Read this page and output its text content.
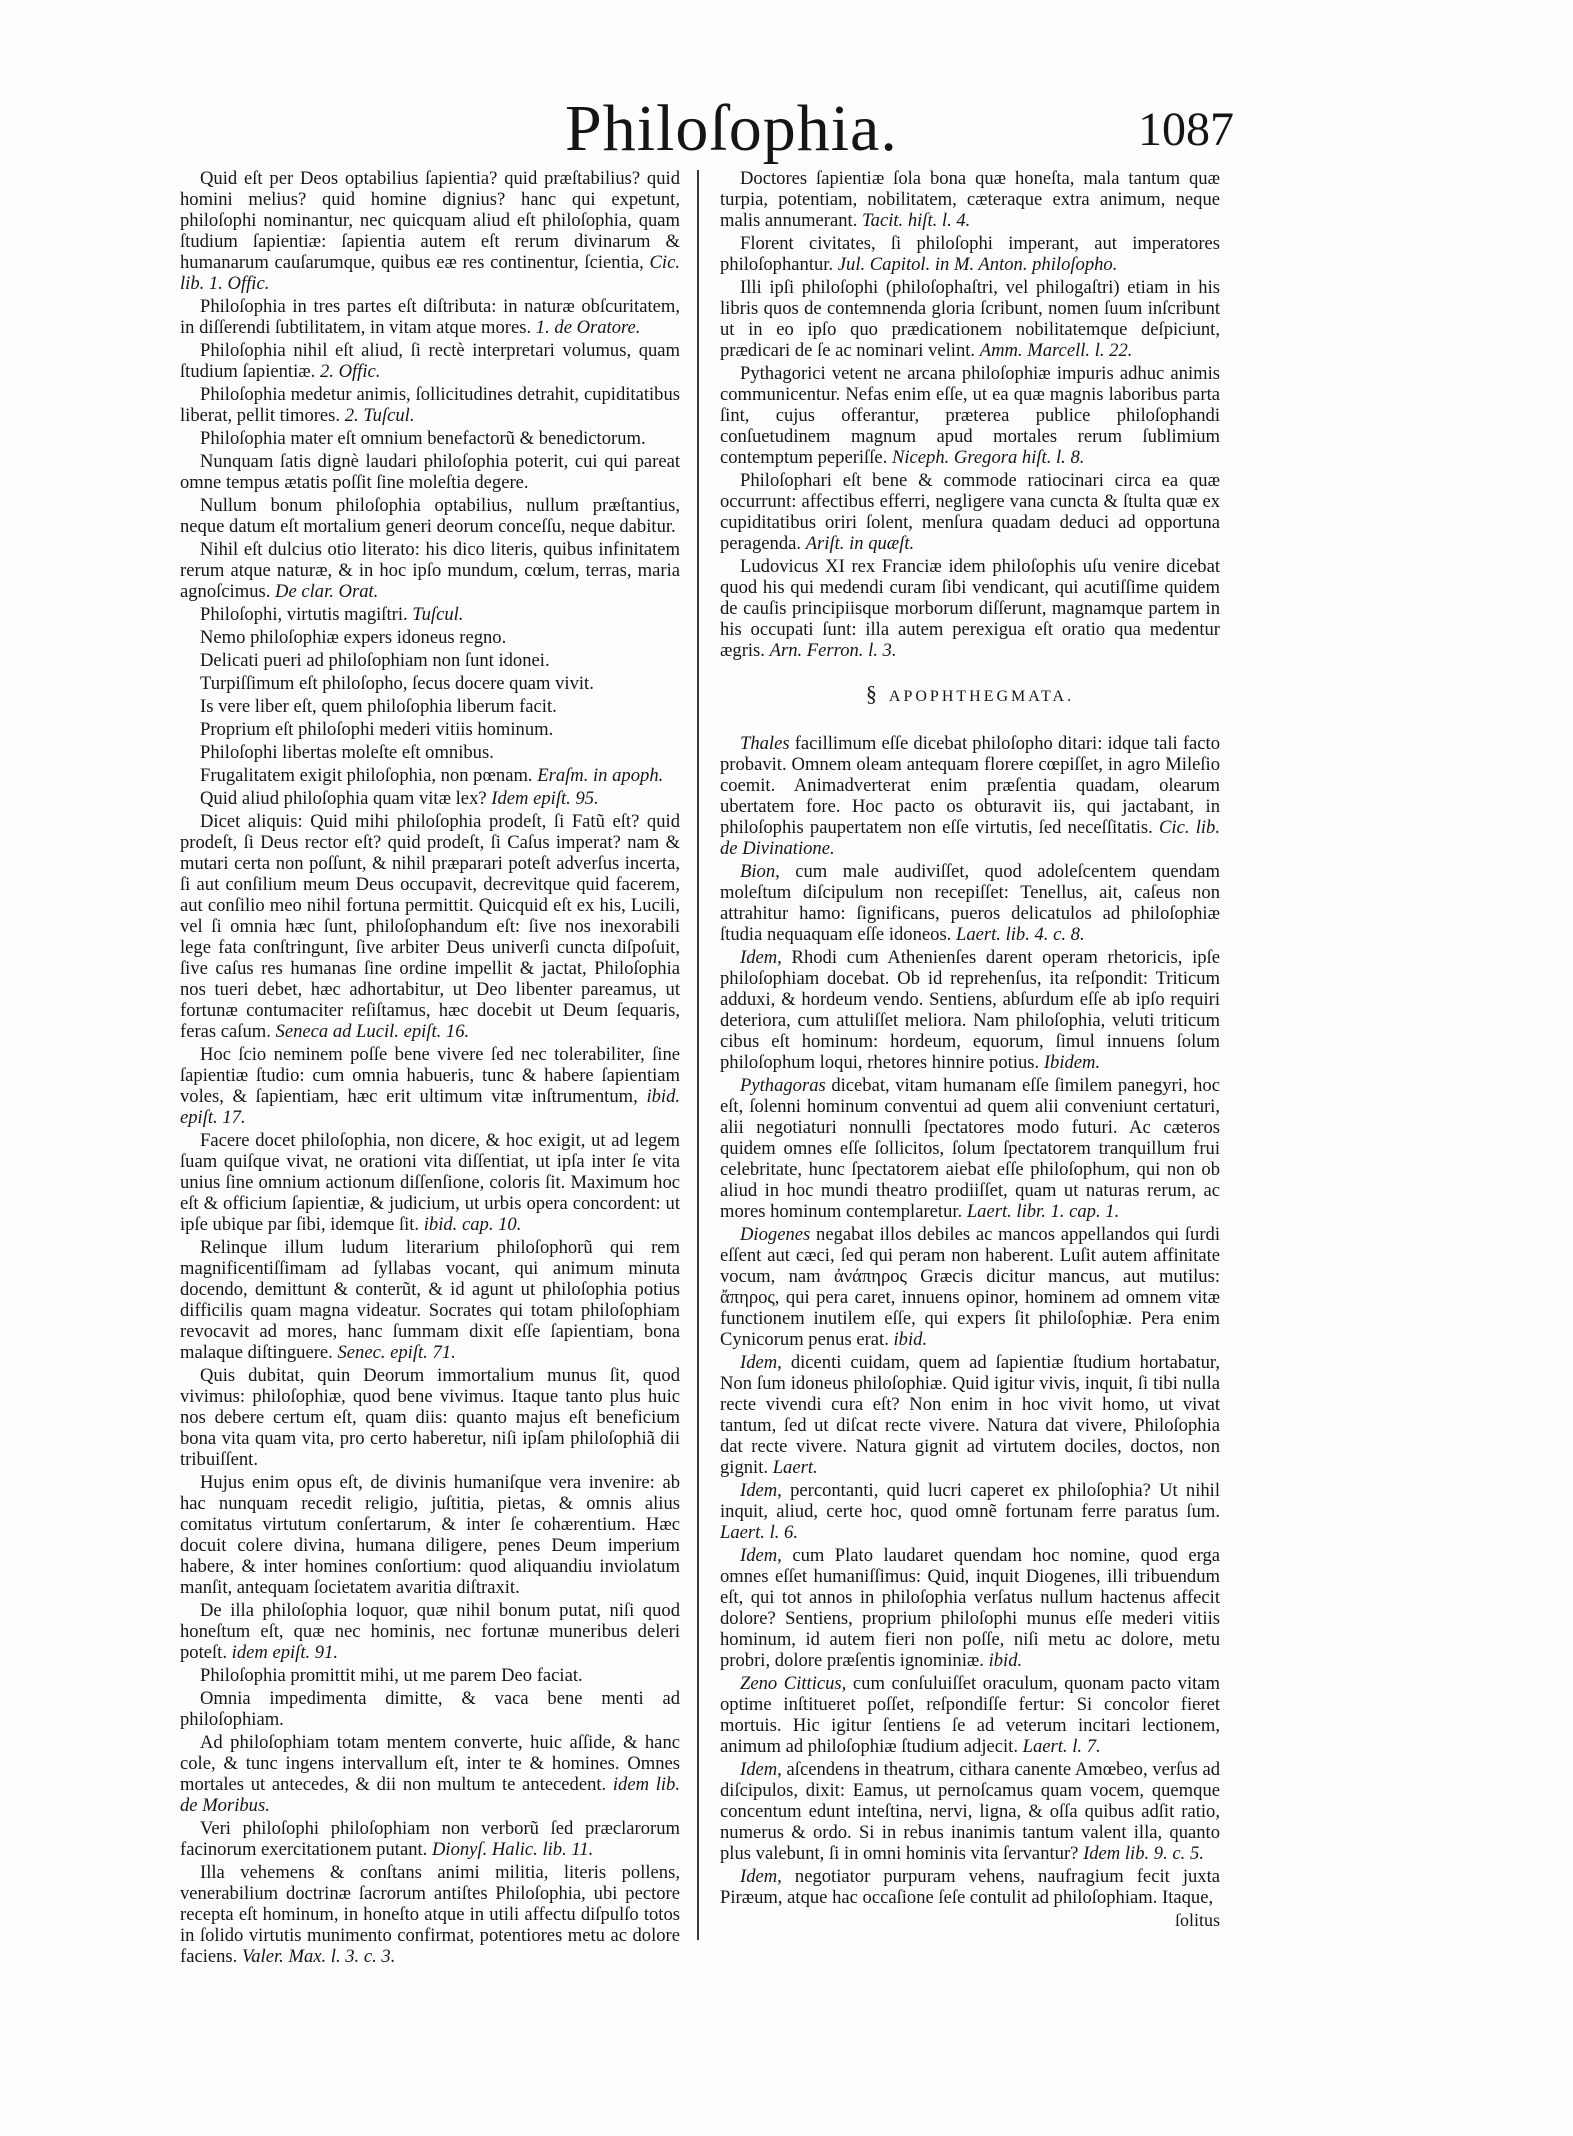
Philoſophia.	1087

Quid eſt per Deos optabilius ſapientia? quid præſtabilius? quid homini melius? quid homine dignius? hanc qui expetunt, philoſophi nominantur, nec quicquam aliud eſt philoſophia, quam ſtudium ſapientiæ: ſapientia autem eſt rerum divinarum & humanarum cauſarumque, quibus eæ res continentur, ſcientia, Cic. lib. 1. Offic.

Philoſophia in tres partes eſt diſtributa: in naturæ obſcuritatem, in diſſerendi ſubtilitatem, in vitam atque mores. 1. de Oratore.

Philoſophia nihil eſt aliud, ſi rectè interpretari volumus, quam ſtudium ſapientiæ. 2. Offic.

Philoſophia medetur animis, ſollicitudines detrahit, cupiditatibus liberat, pellit timores. 2. Tuſcul.

Philoſophia mater eſt omnium benefactorũ & benedictorum.

Nunquam ſatis dignè laudari philoſophia poterit, cui qui pareat omne tempus ætatis poſſit ſine moleſtia degere.

Nullum bonum philoſophia optabilius, nullum præſtantius, neque datum eſt mortalium generi deorum conceſſu, neque dabitur.

Nihil eſt dulcius otio literato: his dico literis, quibus infinitatem rerum atque naturæ, & in hoc ipſo mundum, cœlum, terras, maria agnoſcimus. De clar. Orat.

Philoſophi, virtutis magiſtri. Tuſcul.

Nemo philoſophiæ expers idoneus regno.

Delicati pueri ad philoſophiam non ſunt idonei.

Turpiſſimum eſt philoſopho, ſecus docere quam vivit.

Is vere liber eſt, quem philoſophia liberum facit.

Proprium eſt philoſophi mederi vitiis hominum.

Philoſophi libertas moleſte eſt omnibus.

Frugalitatem exigit philoſophia, non pœnam. Eraſm. in apoph.

Quid aliud philoſophia quam vitæ lex? Idem epiſt. 95.

Dicet aliquis: Quid mihi philoſophia prodeſt, ſi Fatũ eſt? quid prodeſt, ſi Deus rector eſt? quid prodeſt, ſi Caſus imperat? nam & mutari certa non poſſunt, & nihil præparari poteſt adverſus incerta, ſi aut conſilium meum Deus occupavit, decrevitque quid facerem, aut conſilio meo nihil fortuna permittit. Quicquid eſt ex his, Lucili, vel ſi omnia hæc ſunt, philoſophandum eſt: ſive nos inexorabili lege fata conſtringunt, ſive arbiter Deus univerſi cuncta diſpoſuit, ſive caſus res humanas ſine ordine impellit & jactat, Philoſophia nos tueri debet, hæc adhortabitur, ut Deo libenter pareamus, ut fortunæ contumaciter reſiſtamus, hæc docebit ut Deum ſequaris, feras caſum. Seneca ad Lucil. epiſt. 16.

Hoc ſcio neminem poſſe bene vivere ſed nec tolerabiliter, ſine ſapientiæ ſtudio: cum omnia habueris, tunc & habere ſapientiam voles, & ſapientiam, hæc erit ultimum vitæ inſtrumentum, ibid. epiſt. 17.

Facere docet philoſophia, non dicere, & hoc exigit, ut ad legem ſuam quiſque vivat, ne orationi vita diſſentiat, ut ipſa inter ſe vita unius ſine omnium actionum diſſenſione, coloris ſit. Maximum hoc eſt & officium ſapientiæ, & judicium, ut urbis opera concordent: ut ipſe ubique par ſibi, idemque ſit. ibid. cap. 10.

Relinque illum ludum literarium philoſophorũ qui rem magnificentiſſimam ad ſyllabas vocant, qui animum minuta docendo, demittunt & conterũt, & id agunt ut philoſophia potius difficilis quam magna videatur. Socrates qui totam philoſophiam revocavit ad mores, hanc ſummam dixit eſſe ſapientiam, bona malaque diſtinguere. Senec. epiſt. 71.

Quis dubitat, quin Deorum immortalium munus ſit, quod vivimus: philoſophiæ, quod bene vivimus. Itaque tanto plus huic nos debere certum eſt, quam diis: quanto majus eſt beneficium bona vita quam vita, pro certo haberetur, niſi ipſam philoſophiã dii tribuiſſent.

Hujus enim opus eſt, de divinis humaniſque vera invenire: ab hac nunquam recedit religio, juſtitia, pietas, & omnis alius comitatus virtutum conſertarum, & inter ſe cohærentium. Hæc docuit colere divina, humana diligere, penes Deum imperium habere, & inter homines conſortium: quod aliquandiu inviolatum manſit, antequam ſocietatem avaritia diſtraxit.

De illa philoſophia loquor, quæ nihil bonum putat, niſi quod honeſtum eſt, quæ nec hominis, nec fortunæ muneribus deleri poteſt. idem epiſt. 91.

Philoſophia promittit mihi, ut me parem Deo faciat.

Omnia impedimenta dimitte, & vaca bene menti ad philoſophiam.

Ad philoſophiam totam mentem converte, huic aſſide, & hanc cole, & tunc ingens intervallum eſt, inter te & homines. Omnes mortales ut antecedes, & dii non multum te antecedent. idem lib. de Moribus.

Veri philoſophi philoſophiam non verborũ ſed præclarorum facinorum exercitationem putant. Dionyſ. Halic. lib. 11.

Illa vehemens & conſtans animi militia, literis pollens, venerabilium doctrinæ ſacrorum antiſtes Philoſophia, ubi pectore recepta eſt hominum, in honeſto atque in utili affectu diſpulſo totos in ſolido virtutis munimento confirmat, potentiores metu ac dolore faciens. Valer. Max. l. 3. c. 3.

Doctores ſapientiæ ſola bona quæ honeſta, mala tantum quæ turpia, potentiam, nobilitatem, cæteraque extra animum, neque malis annumerant. Tacit. hiſt. l. 4.

Florent civitates, ſi philoſophi imperant, aut imperatores philoſophantur. Jul. Capitol. in M. Anton. philoſopho.

Illi ipſi philoſophi (philoſophaſtri, vel philogaſtri) etiam in his libris quos de contemnenda gloria ſcribunt, nomen ſuum inſcribunt ut in eo ipſo quo prædicationem nobilitatemque deſpiciunt, prædicari de ſe ac nominari velint. Amm. Marcell. l. 22.

Pythagorici vetent ne arcana philoſophiæ impuris adhuc animis communicentur. Nefas enim eſſe, ut ea quæ magnis laboribus parta ſint, cujus offerantur, præterea publice philoſophandi conſuetudinem magnum apud mortales rerum ſublimium contemptum peperiſſe. Niceph. Gregora hiſt. l. 8.

Philoſophari eſt bene & commode ratiocinari circa ea quæ occurrunt: affectibus efferri, negligere vana cuncta & ſtulta quæ ex cupiditatibus oriri ſolent, menſura quadam deduci ad opportuna peragenda. Ariſt. in quæſt.

Ludovicus XI rex Franciæ idem philoſophis uſu venire dicebat quod his qui medendi curam ſibi vendicant, qui acutiſſime quidem de cauſis principiisque morborum diſſerunt, magnamque partem in his occupati ſunt: illa autem perexigua eſt oratio qua medentur ægris. Arn. Ferron. l. 3.

§ APOPHTHEGMATA.

Thales facillimum eſſe dicebat philoſopho ditari: idque tali facto probavit. Omnem oleam antequam florere cœpiſſet, in agro Mileſio coemit. Animadverterat enim præſentia quadam, olearum ubertatem fore. Hoc pacto os obturavit iis, qui jactabant, in philoſophis paupertatem non eſſe virtutis, ſed neceſſitatis. Cic. lib. de Divinatione.

Bion, cum male audiviſſet, quod adoleſcentem quendam moleſtum diſcipulum non recepiſſet: Tenellus, ait, caſeus non attrahitur hamo: ſignificans, pueros delicatulos ad philoſophiæ ſtudia nequaquam eſſe idoneos. Laert. lib. 4. c. 8.

Idem, Rhodi cum Athenienſes darent operam rhetoricis, ipſe philoſophiam docebat. Ob id reprehenſus, ita reſpondit: Triticum adduxi, & hordeum vendo. Sentiens, abſurdum eſſe ab ipſo requiri deteriora, cum attuliſſet meliora. Nam philoſophia, veluti triticum cibus eſt hominum: hordeum, equorum, ſimul innuens ſolum philoſophum loqui, rhetores hinnire potius. Ibidem.

Pythagoras dicebat, vitam humanam eſſe ſimilem panegyri, hoc eſt, ſolenni hominum conventui ad quem alii conveniunt certaturi, alii negotiaturi nonnulli ſpectatores modo futuri. Ac cæteros quidem omnes eſſe ſollicitos, ſolum ſpectatorem tranquillum frui celebritate, hunc ſpectatorem aiebat eſſe philoſophum, qui non ob aliud in hoc mundi theatro prodiiſſet, quam ut naturas rerum, ac mores hominum contemplaretur. Laert. libr. 1. cap. 1.

Diogenes negabat illos debiles ac mancos appellandos qui ſurdi eſſent aut cæci, ſed qui peram non haberent. Luſit autem affinitate vocum, nam ἀνάπηρος Græcis dicitur mancus, aut mutilus: ἄπηρος, qui pera caret, innuens opinor, hominem ad omnem vitæ functionem inutilem eſſe, qui expers ſit philoſophiæ. Pera enim Cynicorum penus erat. ibid.

Idem, dicenti cuidam, quem ad ſapientiæ ſtudium hortabatur, Non ſum idoneus philoſophiæ. Quid igitur vivis, inquit, ſi tibi nulla recte vivendi cura eſt? Non enim in hoc vivit homo, ut vivat tantum, ſed ut diſcat recte vivere. Natura dat vivere, Philoſophia dat recte vivere. Natura gignit ad virtutem dociles, doctos, non gignit. Laert.

Idem, percontanti, quid lucri caperet ex philoſophia? Ut nihil inquit, aliud, certe hoc, quod omnẽ fortunam ferre paratus ſum. Laert. l. 6.

Idem, cum Plato laudaret quendam hoc nomine, quod erga omnes eſſet humaniſſimus: Quid, inquit Diogenes, illi tribuendum eſt, qui tot annos in philoſophia verſatus nullum hactenus affecit dolore? Sentiens, proprium philoſophi munus eſſe mederi vitiis hominum, id autem fieri non poſſe, niſi metu ac dolore, metu probri, dolore præſentis ignominiæ. ibid.

Zeno Citticus, cum conſuluiſſet oraculum, quonam pacto vitam optime inſtitueret poſſet, reſpondiſſe fertur: Si concolor fieret mortuis. Hic igitur ſentiens ſe ad veterum incitari lectionem, animum ad philoſophiæ ſtudium adjecit. Laert. l. 7.

Idem, aſcendens in theatrum, cithara canente Amœbeo, verſus ad diſcipulos, dixit: Eamus, ut pernoſcamus quam vocem, quemque concentum edunt inteſtina, nervi, ligna, & oſſa quibus adſit ratio, numerus & ordo. Si in rebus inanimis tantum valent illa, quanto plus valebunt, ſi in omni hominis vita ſervantur? Idem lib. 9. c. 5.

Idem, negotiator purpuram vehens, naufragium fecit juxta Piræum, atque hac occaſione ſeſe contulit ad philoſophiam. Itaque,

ſolitus
